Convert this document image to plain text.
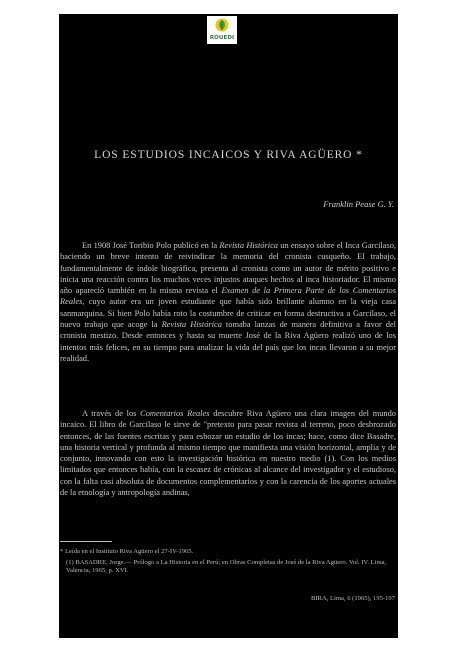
ROUEDI
LOS ESTUDIOS INCAICOS Y RIVA AGÜERO *
Franklin Pease G. Y.

En 1908 José Toribio Polo publicó en la Revista Histórica un ensayo sobre el Inca Garcilaso, haciendo un breve intento de reivindicar la memoria del cronista cusqueño. El trabajo, fundamentalmente de índole biográfica, presenta al cronista como un autor de mérito positivo e inicia una reacción contra los muchos veces injustos ataques hechos al inca historiador. El mismo año apareció también en la misma revista el Examen de la Primera Parte de los Comentarios Reales, cuyo autor era un joven estudiante que había sido brillante alumno en la vieja casa sanmarquina. Si bien Polo había roto la costumbre de criticar en forma destructiva a Garcilaso, el nuevo trabajo que acoge la Revista Histórica tomaba lanzas de manera definitiva a favor del cronista mestizo. Desde entonces y hasta su muerte José de la Riva Agüero realizó uno de los intentos más felices, en su tiempo para analizar la vida del país que los incas llevaron a su mejor realidad.

A través de los Comentarios Reales descubre Riva Agüero una clara imagen del mundo incaico. El libro de Garcilaso le sirve de "pretexto para pasar revista al terreno, poco desbrozado entonces, de las fuentes escritas y para esbozar un estudio de los incas; hace, como dice Basadre, una historia vertical y profunda al mismo tiempo que manifiesta una visión horizontal, amplia y de conjunto, innovando con esto la investigación histórica en nuestro medio (1). Con los medios limitados que entonces había, con la escasez de crónicas al alcance del investigador y el estudioso, con la falta casi absoluta de documentos complementarios y con la carencia de los aportes actuales de la etnología y antropología andinas,

* Leída en el Instituto Riva Agüero el 27-IV-1965.

(1) BASADRE, Jorge.— Prólogo a La Historia en el Perú; en Obras Completas de José de la Riva Agüero. Vol. IV. Lima, Valencia, 1965, p. XVI.

BIRA, Lima, 6 (1965), 195-197
